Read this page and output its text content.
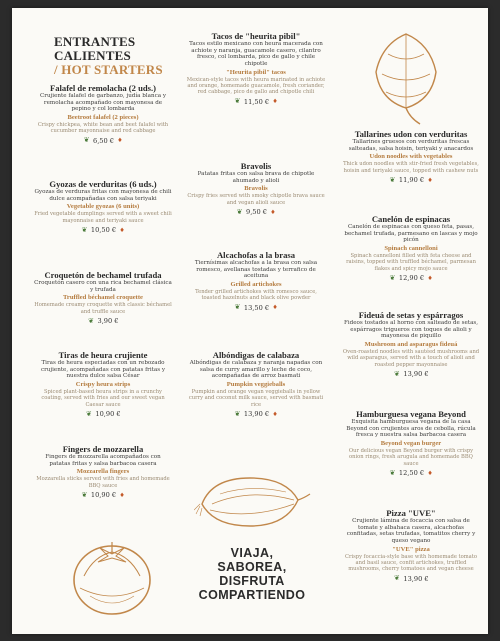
ENTRANTES CALIENTES
/ HOT STARTERS
Falafel de remolacha (2 uds.)
Crujiente falafel de garbanzo, judía blanca y remolacha acompañado con mayonesa de pepino y col lombarda
Beetroot falafel (2 pieces)
Crispy chickpea, white bean and beet falafel with cucumber mayonnaise and red cabbage
❦ 6,50 € ♦
Gyozas de verduritas (6 uds.)
Gyozas de verduras fritas con mayonesa de chili dulce acompañadas con salsa teriyaki
Vegetable gyozas (6 units)
Fried vegetable dumplings served with a sweet chili mayonnaise and teriyaki sauce
❦ 10,50 € ♦
Croquetón de bechamel trufada
Croquetón casero con una rica bechamel clásica y trufada
Truffled béchamel croquette
Homemade creamy croquette with classic béchamel and truffle sauce
❦ 3,90 €
Tiras de heura crujiente
Tiras de heura especiadas con un rebozado crujiente, acompañadas con patatas fritas y nuestra dulce salsa César
Crispy heura strips
Spiced plant-based heura strips in a crunchy coating, served with fries and our sweet vegan Caesar sauce
❦ 10,90 €
Fingers de mozzarella
Fingers de mozzarella acompañados con patatas fritas y salsa barbacoa casera
Mozzarella fingers
Mozzarella sticks served with fries and homemade BBQ sauce
❦ 10,90 € ♦
Tacos de "heurita pibil"
Tacos estilo mexicano con heura macerada con achiote y naranja, guacamole casero, cilantro fresco, col lombarda, pico de gallo y chile chipotle
"Heurita pibil" tacos
Mexican-style tacos with heura marinated in achiote and orange, homemade guacamole, fresh coriander, red cabbage, pico de gallo and chipotle chili
❦ 11,50 € ♦
Bravolis
Patatas fritas con salsa brava de chipotle ahumado y alioli
Bravolis
Crispy fries served with smoky chipotle brava sauce and vegan alioli sauce
❦ 9,50 € ♦
Alcachofas a la brasa
Tiernísimas alcachofas a la brasa con salsa romesco, avellanas tostadas y terrafico de aceituna
Grilled artichokes
Tender grilled artichokes with romesco sauce, toasted hazelnuts and black olive powder
❦ 13,50 € ♦
Albóndigas de calabaza
Albóndigas de calabaza y naranja napadas con salsa de curry amarillo y leche de coco, acompañadas de arroz basmati
Pumpkin veggieballs
Pumpkin and orange vegan veggieballs in yellow curry and coconut milk sauce, served with basmati rice
❦ 13,90 € ♦
VIAJA,
SABOREA,
DISFRUTA
COMPARTIENDO
Tallarines udon con verduritas
Tallarines gruesos con verduritas frescas salteadas, salsa hoisin, teriyaki y anacardos
Udon noodles with vegetables
Thick udon noodles with stir-fried fresh vegetables, hoisin and teriyaki sauce, topped with cashew nuts
❦ 11,90 € ♦
Canelón de espinacas
Canelón de espinacas con queso feta, pasas, bechamel trufada, parmesano en lascas y mojo picón
Spinach cannelloni
Spinach cannelloni filled with feta cheese and raisins, topped with truffled béchamel, parmesan flakes and spicy mojo sauce
❦ 12,90 € ♦
Fideuá de setas y espárragos
Fideos tostados al horno con salteado de setas, espárragos trigueros con toques de alioli y mayonesa de piquillo
Mushroom and asparagus fideuá
Oven-roasted noodles with sautéed mushrooms and wild asparagus, served with a touch of alioli and roasted pepper mayonnaise
❦ 13,90 €
Hamburguesa vegana Beyond
Exquisita hamburguesa vegana de la casa Beyond con crujientes aros de cebolla, rúcula fresca y nuestra salsa barbacoa casera
Beyond vegan burger
Our delicious vegan Beyond burger with crispy onion rings, fresh arugula and homemade BBQ sauce
❦ 12,50 € ♦
Pizza "UVE"
Crujiente lámina de focaccia con salsa de tomate y albahaca casera, alcachofas confitadas, setas trufadas, tomatitos cherry y queso vegano
"UVE" pizza
Crispy focaccia-style base with homemade tomato and basil sauce, confit artichokes, truffled mushrooms, cherry tomatoes and vegan cheese
❦ 13,90 €
